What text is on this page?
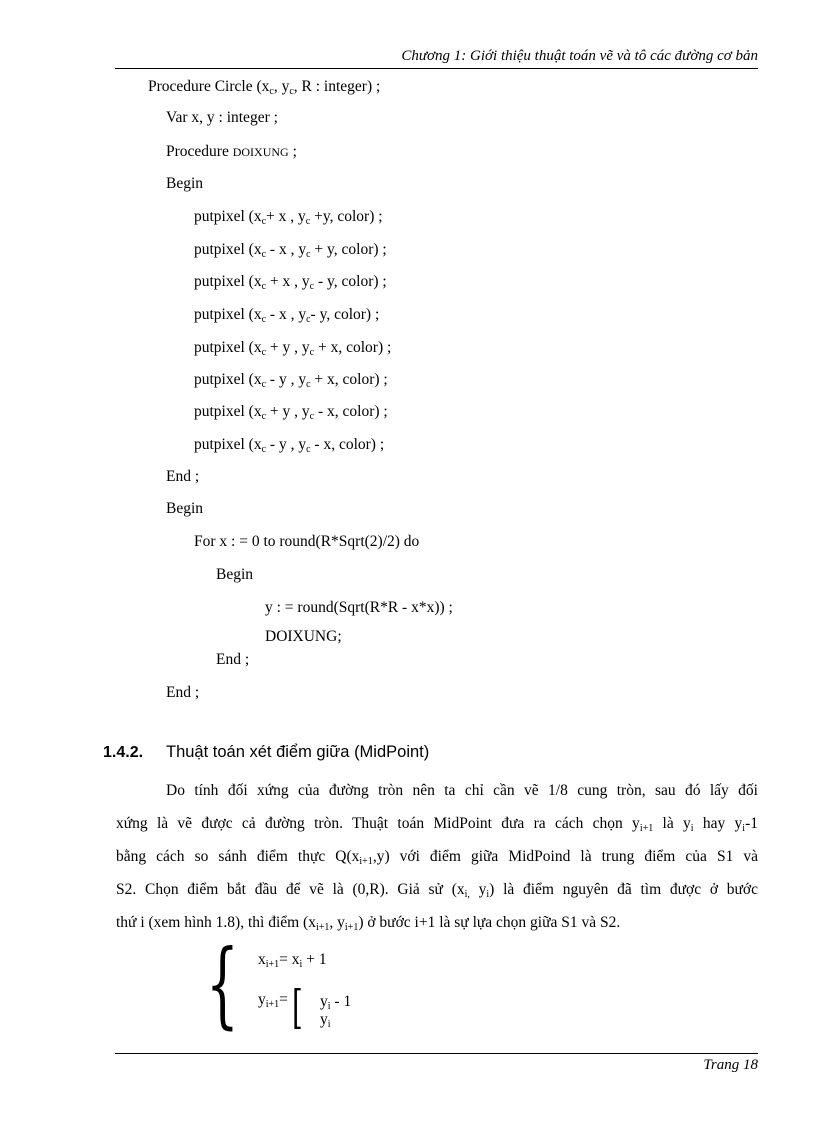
Chương 1: Giới thiệu thuật toán vẽ và tô các đường cơ bản
Procedure Circle ($x_c$, $y_c$, R : integer) ;
Var x, y : integer ;
Procedure DOIXUNG ;
Begin
putpixel ($x_c+ x$ , $y_c +y$, color) ;
putpixel ($x_c$ - x , $y_c + y$, color) ;
putpixel ($x_c + x$ , $y_c$ - y, color) ;
putpixel ($x_c$ - x , $y_c-$ y, color) ;
putpixel ($x_c + y$ , $y_c + x$, color) ;
putpixel ($x_c$ - y , $y_c + x$, color) ;
putpixel ($x_c + y$ , $y_c$ - x, color) ;
putpixel ($x_c$ - y , $y_c$ - x, color) ;
End ;
Begin
For x : = 0 to round(R*Sqrt(2)/2) do
Begin
y : = round(Sqrt(R*R - x*x)) ;
DOIXUNG;
End ;
End ;
1.4.2. Thuật toán xét điểm giữa (MidPoint)
Do tính đối xứng của đường tròn nên ta chỉ cần vẽ 1/8 cung tròn, sau đó lấy đối
xứng là vẽ được cả đường tròn. Thuật toán MidPoint đưa ra cách chọn $y_{i+1}$ là $y_i$ hay $y_i-1$
bằng cách so sánh điểm thực $Q(x_{i+1},y)$ với điểm giữa MidPoind là trung điểm của S1 và
S2. Chọn điểm bắt đầu để vẽ là (0,R). Giả sử ($x_{i,}$ $y_i$) là điểm nguyên đã tìm được ở bước
thứ i (xem hình 1.8), thì điểm ($x_{i+1}$, $y_{i+1}$) ở bước i+1 là sự lựa chọn giữa S1 và S2.
{ $x_{i+1}= x_i + 1$
$y_{i+1}=$ [ $y_i - 1$
$y_i$
Trang 18
